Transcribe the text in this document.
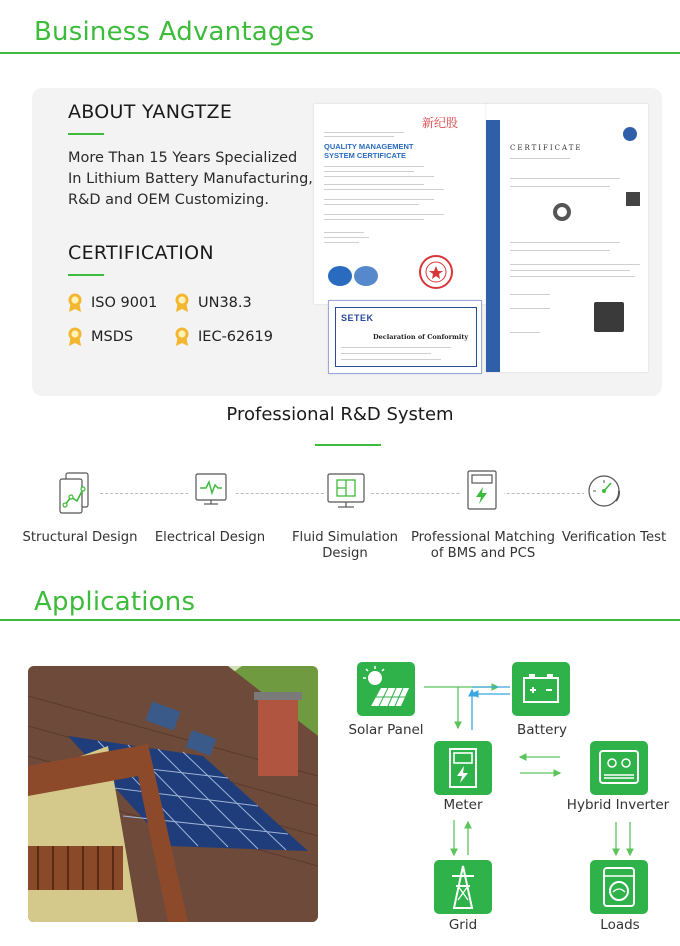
Business Advantages
ABOUT YANGTZE
More Than 15 Years Specialized
In Lithium Battery Manufacturing,
R&D and OEM Customizing.
CERTIFICATION
ISO 9001	UN38.3
MSDS	IEC-62619
新纪股
QUALITY MANAGEMENT
SYSTEM CERTIFICATE
SETEK
Declaration of Conformity
CERTIFICATE
Professional R&D System
Structural Design	Electrical Design	Fluid Simulation
Design
Professional Matching
of BMS and PCS
Verification Test
Applications
Solar Panel	Battery
Meter	Hybrid Inverter
Grid	Loads
